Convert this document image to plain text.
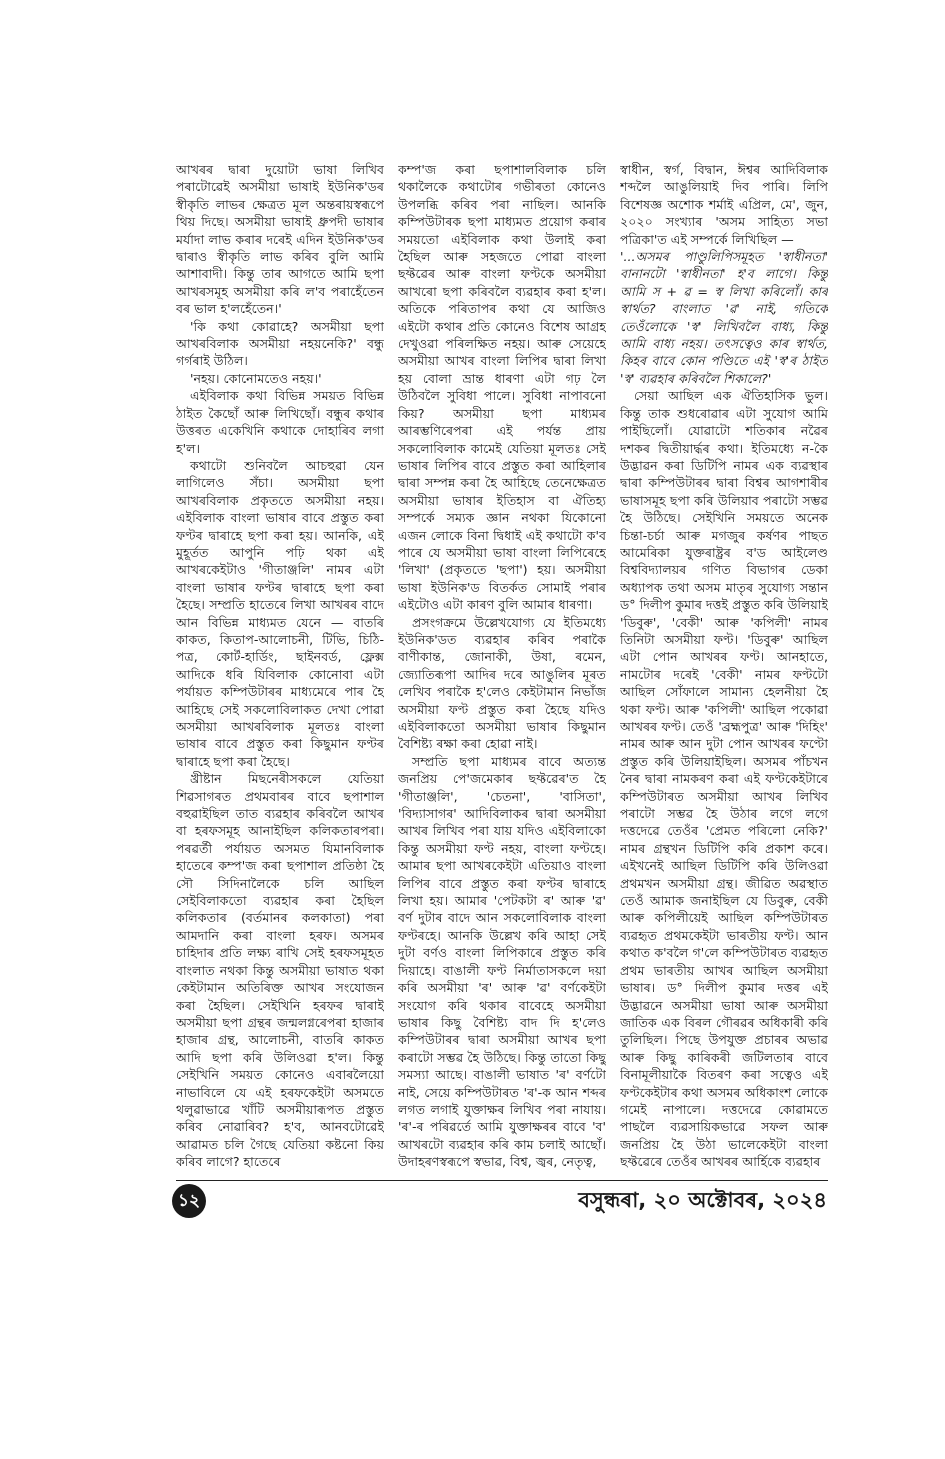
আখৰৰ দ্বাৰা দুয়োটা ভাষা লিখিব পৰাটোৱেই অসমীয়া ভাষাই ইউনিক'ডৰ স্বীকৃতি লাভৰ ক্ষেত্ৰত মূল অন্তৰায়স্বৰূপে থিয় দিছে। অসমীয়া ভাষাই ধ্ৰুপদী ভাষাৰ মৰ্যাদা লাভ কৰাৰ দৰেই এদিন ইউনিক'ডৰ দ্বাৰাও স্বীকৃতি লাভ কৰিব বুলি আমি আশাবাদী। কিন্তু তাৰ আগতে আমি ছপা আখৰসমূহ অসমীয়া কৰি ল'ব পৰাহেঁতেন বৰ ভাল হ'লহেঁতেন।'

'কি কথা কোৱাহে? অসমীয়া ছপা আখৰবিলাক অসমীয়া নহয়নেকি?' বন্ধু গৰ্গৰাই উঠিল।

'নহয়। কোনোমতেও নহয়।'

এইবিলাক কথা বিভিন্ন সময়ত বিভিন্ন ঠাইত কৈছোঁ আৰু লিখিছোঁ। বন্ধুৰ কথাৰ উত্তৰত একেখিনি কথাকে দোহাৰিব লগা হ'ল।

কথাটো শুনিবলৈ আচহুৱা যেন লাগিলেও সঁচা। অসমীয়া ছপা আখৰবিলাক প্ৰকৃততে অসমীয়া নহয়। এইবিলাক বাংলা ভাষাৰ বাবে প্ৰস্তুত কৰা ফণ্টৰ দ্বাৰাহে ছপা কৰা হয়। আনকি, এই মুহূৰ্তত আপুনি পঢ়ি থকা এই আখৰকেইটাও 'গীতাঞ্জলি' নামৰ এটা বাংলা ভাষাৰ ফণ্টৰ দ্বাৰাহে ছপা কৰা হৈছে। সম্প্ৰতি হাতেৰে লিখা আখৰৰ বাদে আন বিভিন্ন মাধ্যমত যেনে — বাতৰি কাকত, কিতাপ-আলোচনী, টিভি, চিঠি-পত্ৰ, কোৰ্ট-হাৰ্ডিং, ছাইনবৰ্ড, ফ্লেক্স আদিকে ধৰি যিবিলাক কোনোবা এটা পৰ্যায়ত কম্পিউটাৰৰ মাধ্যমেৰে পাৰ হৈ আহিছে সেই সকলোবিলাকত দেখা পোৱা অসমীয়া আখৰবিলাক মূলতঃ বাংলা ভাষাৰ বাবে প্ৰস্তুত কৰা কিছুমান ফণ্টৰ দ্বাৰাহে ছপা কৰা হৈছে।

খ্ৰীষ্টান মিছনেৰীসকলে যেতিয়া শিৱসাগৰত প্ৰথমবাৰৰ বাবে ছপাশাল বহুৱাইছিল তাত ব্যৱহাৰ কৰিবলৈ আখৰ বা হৰফসমূহ আনাইছিল কলিকতাৰপৰা। পৰৱৰ্তী পৰ্যায়ত অসমত যিমানবিলাক হাতেৰে কম্প'জ কৰা ছপাশাল প্ৰতিষ্ঠা হৈ সৌ সিদিনালৈকে চলি আছিল সেইবিলাকতো ব্যৱহাৰ কৰা হৈছিল কলিকতাৰ (বৰ্তমানৰ কলকাতা) পৰা আমদানি কৰা বাংলা হৰফ। অসমৰ চাহিদাৰ প্ৰতি লক্ষ্য ৰাখি সেই হৰফসমূহত বাংলাত নথকা কিন্তু অসমীয়া ভাষাত থকা কেইটামান অতিৰিক্ত আখৰ সংযোজন কৰা হৈছিল। সেইখিনি হৰফৰ দ্বাৰাই অসমীয়া ছপা গ্ৰন্থৰ জন্মলগ্নৰেপৰা হাজাৰ হাজাৰ গ্ৰন্থ, আলোচনী, বাতৰি কাকত আদি ছপা কৰি উলিওৱা হ'ল। কিন্তু সেইখিনি সময়ত কোনেও এবাৰলৈয়ো নাভাবিলে যে এই হৰফকেইটা অসমতে থলুৱাভাৱে খাঁটি অসমীয়াৰূপত প্ৰস্তুত কৰিব নোৱাৰিব? হ'ব, আনবটোৱেই আৱামত চলি গৈছে যেতিয়া কষ্টনো কিয় কৰিব লাগে? হাতেৰে

কম্প'জ কৰা ছপাশালবিলাক চলি থকালৈকে কথাটোৰ গভীৰতা কোনেও উপলব্ধি কৰিব পৰা নাছিল। আনকি কম্পিউটাৰক ছপা মাধ্যমত প্ৰয়োগ কৰাৰ সময়তো এইবিলাক কথা উলাই কৰা হৈছিল আৰু সহজতে পোৱা বাংলা ছফ্টৱেৰ আৰু বাংলা ফণ্টকে অসমীয়া আখৰো ছপা কৰিবলৈ ব্যৱহাৰ কৰা হ'ল। অতিকে পৰিতাপৰ কথা যে আজিও এইটো কথাৰ প্ৰতি কোনেও বিশেষ আগ্ৰহ দেখুওৱা পৰিলক্ষিত নহয়। আৰু সেয়েহে অসমীয়া আখৰ বাংলা লিপিৰ দ্বাৰা লিখা হয় বোলা ভ্ৰান্ত ধাৰণা এটা গঢ় লৈ উঠিবলৈ সুবিধা পালে। সুবিধা নাপাবনো কিয়? অসমীয়া ছপা মাধ্যমৰ আৰম্ভণিৰেপৰা এই পৰ্যন্ত প্ৰায় সকলোবিলাক কামেই যেতিয়া মূলতঃ সেই ভাষাৰ লিপিৰ বাবে প্ৰস্তুত কৰা আহিলাৰ দ্বাৰা সম্পন্ন কৰা হৈ আহিছে তেনেক্ষেত্ৰত অসমীয়া ভাষাৰ ইতিহাস বা ঐতিহ্য সম্পৰ্কে সম্যক জ্ঞান নথকা যিকোনো এজন লোকে বিনা দ্বিধাই এই কথাটো ক'ব পাৰে যে অসমীয়া ভাষা বাংলা লিপিৰেহে 'লিখা' (প্ৰকৃততে 'ছপা') হয়। অসমীয়া ভাষা ইউনিক'ড বিতৰ্কত সোমাই পৰাৰ এইটোও এটা কাৰণ বুলি আমাৰ ধাৰণা।

প্ৰসংগক্ৰমে উল্লেখযোগ্য যে ইতিমধ্যে ইউনিক'ডত ব্যৱহাৰ কৰিব পৰাকৈ বাণীকান্ত, জোনাকী, উষা, ৰমেন, জ্যোতিৰূপা আদিৰ দৰে আঙুলিৰ মূৰত লেখিব পৰাকৈ হ'লেও কেইটামান নিভাঁজ অসমীয়া ফণ্ট প্ৰস্তুত কৰা হৈছে যদিও এইবিলাকতো অসমীয়া ভাষাৰ কিছুমান বৈশিষ্ট্য ৰক্ষা কৰা হোৱা নাই।

সম্প্ৰতি ছপা মাধ্যমৰ বাবে অত্যন্ত জনপ্ৰিয় পে'জমেকাৰ ছফ্টৱেৰ'ত হৈ 'গীতাঞ্জলি', 'চেতনা', 'বাসিতা', 'বিদ্যাসাগৰ' আদিবিলাকৰ দ্বাৰা অসমীয়া আখৰ লিখিব পৰা যায় যদিও এইবিলাকো কিন্তু অসমীয়া ফণ্ট নহয়, বাংলা ফণ্টহে। আমাৰ ছপা আখৰকেইটা এতিয়াও বাংলা লিপিৰ বাবে প্ৰস্তুত কৰা ফণ্টৰ দ্বাৰাহে লিখা হয়। আমাৰ 'পেটকটা ৰ' আৰু 'ৱ' বৰ্ণ দুটাৰ বাদে আন সকলোবিলাক বাংলা ফণ্টৰহে। আনকি উল্লেখ কৰি আহা সেই দুটা বৰ্ণও বাংলা লিপিকাৰে প্ৰস্তুত কৰি দিয়াহে। বাঙালী ফণ্ট নিৰ্মাতাসকলে দয়া কৰি অসমীয়া 'ৰ' আৰু 'ৱ' বৰ্ণকেইটা সংযোগ কৰি থকাৰ বাবেহে অসমীয়া ভাষাৰ কিছু বৈশিষ্ট্য বাদ দি হ'লেও কম্পিউটাৰৰ দ্বাৰা অসমীয়া আখৰ ছপা কৰাটো সম্ভৱ হৈ উঠিছে। কিন্তু তাতো কিছু সমস্যা আছে। বাঙালী ভাষাত 'ৰ' বৰ্ণটো নাই, সেয়ে কম্পিউটাৰত 'ৰ'-ক আন শব্দৰ লগত লগাই যুক্তাক্ষৰ লিখিব পৰা নাযায়। 'ৰ'-ৰ পৰিৱৰ্তে আমি যুক্তাক্ষৰৰ বাবে 'ব' আখৰটো ব্যৱহাৰ কৰি কাম চলাই আছোঁ। উদাহৰণস্বৰূপে স্বভাৱ, বিশ্ব, জ্বৰ, নেতৃত্ব,

স্বাধীন, স্বৰ্গ, বিদ্বান, ঈশ্বৰ আদিবিলাক শব্দলৈ আঙুলিয়াই দিব পাৰি। লিপি বিশেষজ্ঞ অশোক শৰ্মাই এপ্ৰিল, মে', জুন, ২০২০ সংখ্যাৰ 'অসম সাহিত্য সভা পত্ৰিকা'ত এই সম্পৰ্কে লিখিছিল —

'...অসমৰ পাণ্ডুলিপিসমূহত 'স্বাধীনতা' বানানটো 'স্বাধীনতা' হ'ব লাগে। কিন্তু আমি স + ৱ = স্ব লিখা কৰিলোঁ। কাৰ স্বাৰ্থত? বাংলাত 'ৱ' নাই, গতিকে তেওঁলোকে 'স্ব' লিখিবলৈ বাধ্য, কিন্তু আমি বাধ্য নহয়। তৎসত্বেও কাৰ স্বাৰ্থত, কিহৰ বাবে কোন পণ্ডিতে এই 'স্ব'ৰ ঠাইত 'স্ব' ব্যৱহাৰ কৰিবলৈ শিকালে?'

সেয়া আছিল এক ঐতিহাসিক ভুল। কিন্তু তাক শুধৰোৱাৰ এটা সুযোগ আমি পাইছিলোঁ। যোৱাটো শতিকাৰ নৱৈৰ দশকৰ দ্বিতীয়াৰ্দ্ধৰ কথা। ইতিমধ্যে ন-কৈ উদ্ভাৱন কৰা ডিটিপি নামৰ এক ব্যৱস্থাৰ দ্বাৰা কম্পিউটাৰৰ দ্বাৰা বিশ্বৰ আগশাৰীৰ ভাষাসমূহ ছপা কৰি উলিয়াব পৰাটো সম্ভৱ হৈ উঠিছে। সেইখিনি সময়তে অনেক চিন্তা-চৰ্চা আৰু মগজুৰ কৰ্ষণৰ পাছত আমেৰিকা যুক্তৰাষ্ট্ৰৰ ব'ড আইলেণ্ড বিশ্ববিদ্যালয়ৰ গণিত বিভাগৰ ডেকা অধ্যাপক তথা অসম মাতৃৰ সুযোগ্য সন্তান ড° দিলীপ কুমাৰ দত্তই প্ৰস্তুত কৰি উলিয়াই 'ডিবুৰু', 'বেকী' আৰু 'কপিলী' নামৰ তিনিটা অসমীয়া ফণ্ট। 'ডিবুৰু' আছিল এটা পোন আখৰৰ ফণ্ট। আনহাতে, নামটোৰ দৰেই 'বেকী' নামৰ ফণ্টটো আছিল সোঁফালে সামান্য হেলনীয়া হৈ থকা ফণ্ট। আৰু 'কপিলী' আছিল পকোৱা আখৰৰ ফণ্ট। তেওঁ 'ব্ৰহ্মপুত্ৰ' আৰু 'দিহিং' নামৰ আৰু আন দুটা পোন আখৰৰ ফণ্টো প্ৰস্তুত কৰি উলিয়াইছিল। অসমৰ পাঁচখন নৈৰ দ্বাৰা নামকৰণ কৰা এই ফণ্টকেইটাৰে কম্পিউটাৰত অসমীয়া আখৰ লিখিব পৰাটো সম্ভৱ হৈ উঠাৰ লগে লগে দত্তদেৱে তেওঁৰ 'প্ৰেমত পৰিলো নেকি?' নামৰ গ্ৰন্থখন ডিটিপি কৰি প্ৰকাশ কৰে। এইখনেই আছিল ডিটিপি কৰি উলিওৱা প্ৰথমখন অসমীয়া গ্ৰন্থ। জীৱিত অৱস্থাত তেওঁ আমাক জনাইছিল যে ডিবুৰু, বেকী আৰু কপিলীয়েই আছিল কম্পিউটাৰত ব্যৱহৃত প্ৰথমকেইটা ভাৰতীয় ফণ্ট। আন কথাত ক'বলৈ গ'লে কম্পিউটাৰত ব্যৱহৃত প্ৰথম ভাৰতীয় আখৰ আছিল অসমীয়া ভাষাৰ। ড° দিলীপ কুমাৰ দত্তৰ এই উদ্ভাৱনে অসমীয়া ভাষা আৰু অসমীয়া জাতিক এক বিৰল গৌৰৱৰ অধিকাৰী কৰি তুলিছিল। পিছে উপযুক্ত প্ৰচাৰৰ অভাৱ আৰু কিছু কাৰিকৰী জটিলতাৰ বাবে বিনামূলীয়াকৈ বিতৰণ কৰা সত্বেও এই ফণ্টকেইটাৰ কথা অসমৰ অধিকাংশ লোকে গমেই নাপালে। দত্তদেৱে কোৱামতে পাছলৈ ব্যৱসায়িকভাৱে সফল আৰু জনপ্ৰিয় হৈ উঠা ভালেকেইটা বাংলা ছফ্টৱেৰে তেওঁৰ আখৰৰ আৰ্হিকে ব্যৱহাৰ

১২	বসুন্ধৰা, ২০ অক্টোবৰ, ২০২৪
